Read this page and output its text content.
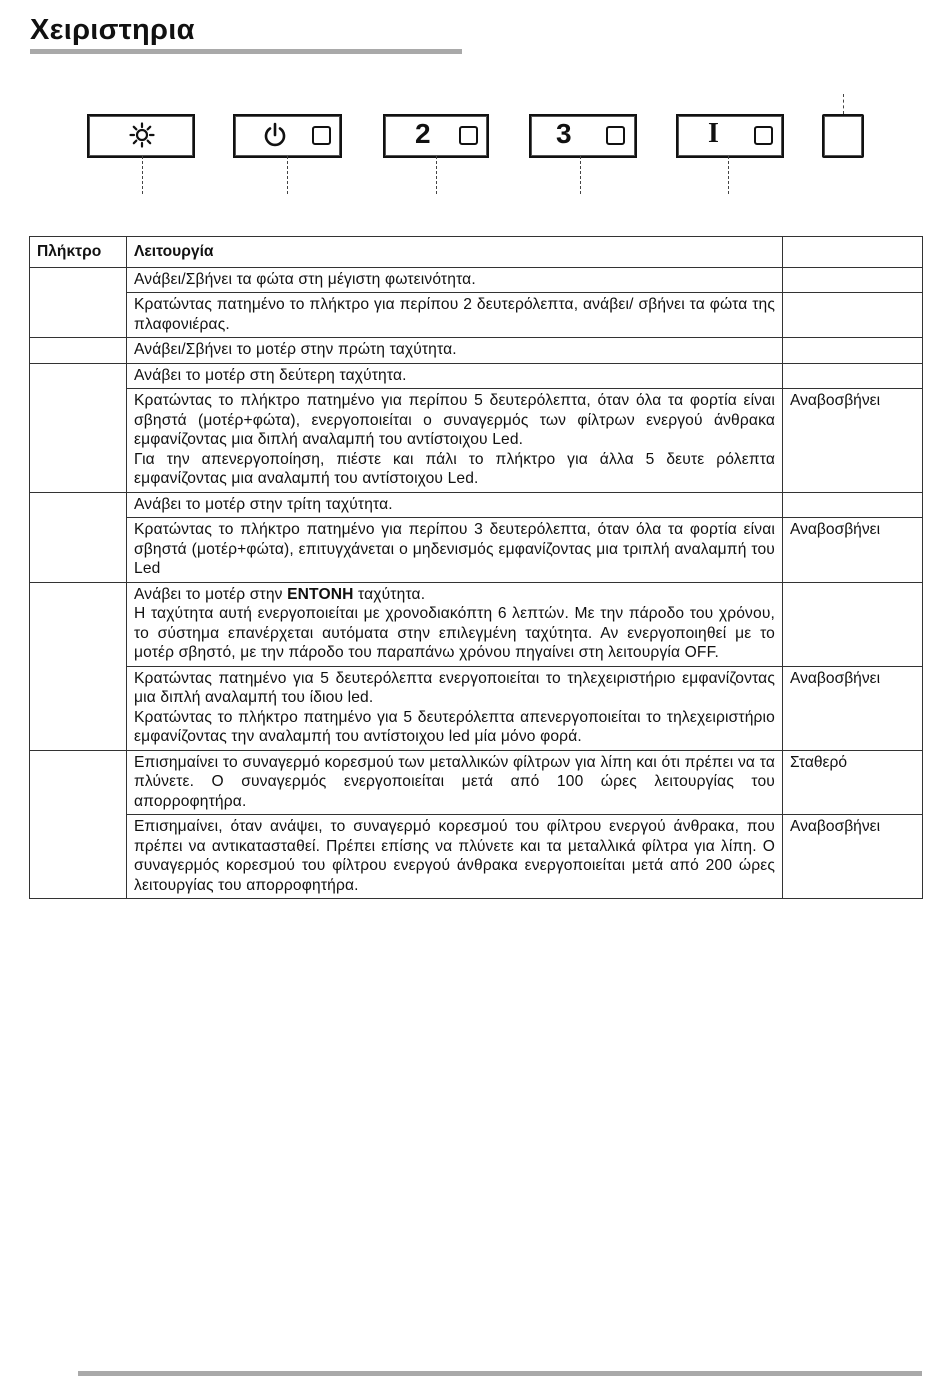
Χειριστηρια
2	3	I
Πλήκτρο	Λειτουργία	
	Ανάβει/Σβήνει τα φώτα στη μέγιστη φωτεινότητα.	
	Κρατώντας πατημένο το πλήκτρο για περίπου 2 δευτερόλεπτα, ανάβει/ σβήνει τα φώτα της πλαφονιέρας.	
	Ανάβει/Σβήνει το μοτέρ στην πρώτη ταχύτητα.	
	Ανάβει το μοτέρ στη δεύτερη ταχύτητα.	
	Κρατώντας το πλήκτρο πατημένο για περίπου 5 δευτερόλεπτα, όταν όλα τα φορτία είναι σβηστά (μοτέρ+φώτα), ενεργοποιείται ο συναγερμός των φίλτρων ενεργού άνθρακα εμφανίζοντας μια διπλή αναλαμπή του αντίστοιχου Led.
Για την απενεργοποίηση, πιέστε και πάλι το πλήκτρο για άλλα 5 δευτε ρόλεπτα εμφανίζοντας μια αναλαμπή του αντίστοιχου Led.	Αναβοσβήνει
	Ανάβει το μοτέρ στην τρίτη ταχύτητα.	
	Κρατώντας το πλήκτρο πατημένο για περίπου 3 δευτερόλεπτα, όταν όλα τα φορτία είναι σβηστά (μοτέρ+φώτα), επιτυγχάνεται ο μηδενισμός εμφανίζοντας μια τριπλή αναλαμπή του Led	Αναβοσβήνει
	Ανάβει το μοτέρ στην ΕΝΤΟΝΗ ταχύτητα.
Η ταχύτητα αυτή ενεργοποιείται με χρονοδιακόπτη 6 λεπτών. Με την πάροδο του χρόνου, το σύστημα επανέρχεται αυτόματα στην επιλεγμένη ταχύτητα. Αν ενεργοποιηθεί με το μοτέρ σβηστό, με την πάροδο του παραπάνω χρόνου πηγαίνει στη λειτουργία OFF.	
	Κρατώντας πατημένο για 5 δευτερόλεπτα ενεργοποιείται το τηλεχειριστήριο εμφανίζοντας μια διπλή αναλαμπή του ίδιου led.
Κρατώντας το πλήκτρο πατημένο για 5 δευτερόλεπτα απενεργοποιείται το τηλεχειριστήριο εμφανίζοντας την αναλαμπή του αντίστοιχου led μία μόνο φορά.	Αναβοσβήνει
	Επισημαίνει το συναγερμό κορεσμού των μεταλλικών φίλτρων για λίπη και ότι πρέπει να τα πλύνετε. Ο συναγερμός ενεργοποιείται μετά από 100 ώρες λειτουργίας του απορροφητήρα.	Σταθερό
	Επισημαίνει, όταν ανάψει, το συναγερμό κορεσμού του φίλτρου ενεργού άνθρακα, που πρέπει να αντικατασταθεί. Πρέπει επίσης να πλύνετε και τα μεταλλικά φίλτρα για λίπη. Ο συναγερμός κορεσμού του φίλτρου ενεργού άνθρακα ενεργοποιείται μετά από 200 ώρες λειτουργίας του απορροφητήρα.	Αναβοσβήνει
